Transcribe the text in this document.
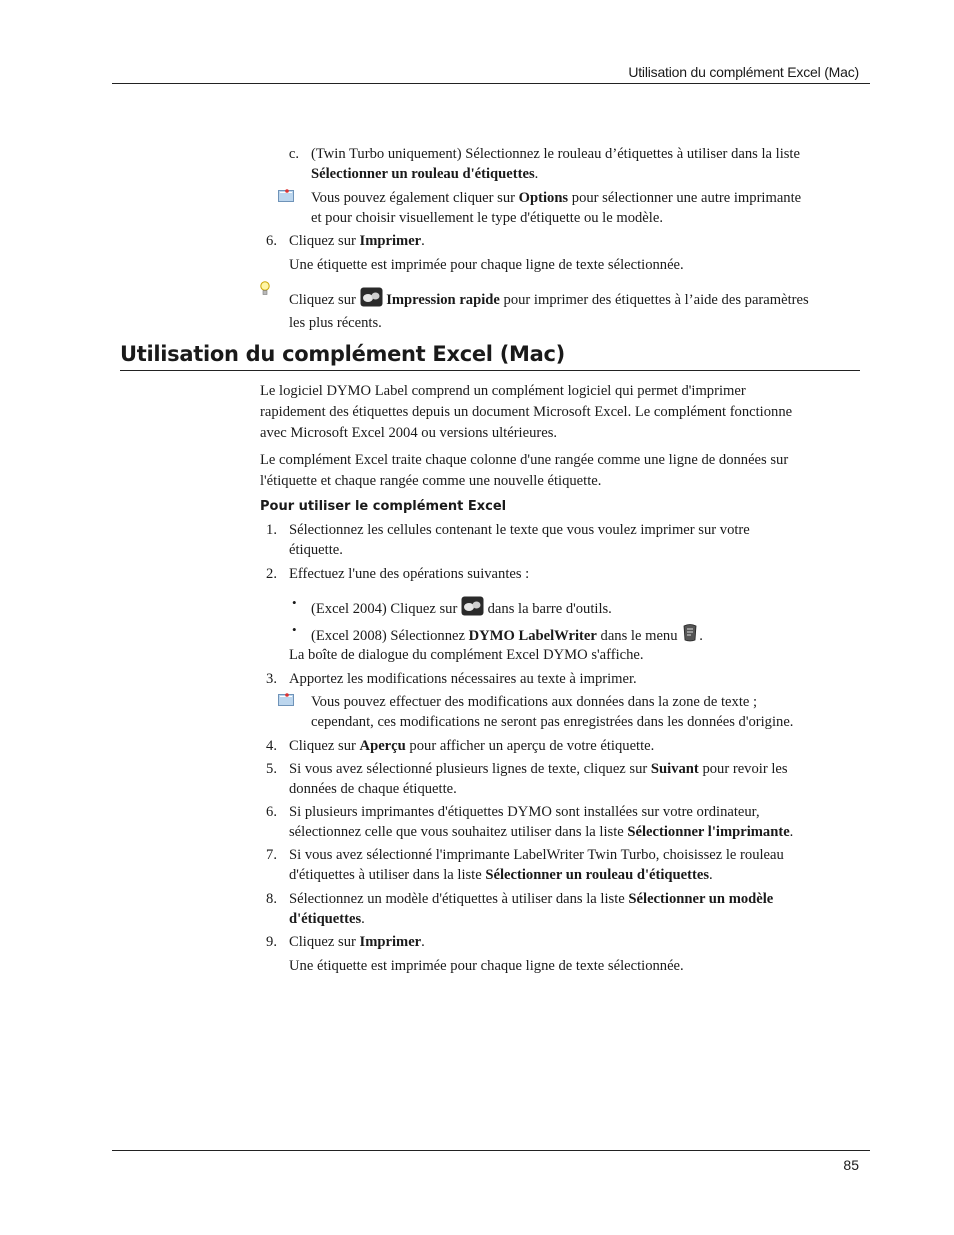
Utilisation du complément Excel (Mac)
c. (Twin Turbo uniquement) Sélectionnez le rouleau d’étiquettes à utiliser dans la liste
Sélectionner un rouleau d'étiquettes.
Vous pouvez également cliquer sur Options pour sélectionner une autre imprimante
et pour choisir visuellement le type d'étiquette ou le modèle.
6. Cliquez sur Imprimer.
Une étiquette est imprimée pour chaque ligne de texte sélectionnée.
Cliquez sur Impression rapide pour imprimer des étiquettes à l’aide des paramètres
les plus récents.
Utilisation du complément Excel (Mac)
Le logiciel DYMO Label comprend un complément logiciel qui permet d'imprimer
rapidement des étiquettes depuis un document Microsoft Excel. Le complément fonctionne
avec Microsoft Excel 2004 ou versions ultérieures.
Le complément Excel traite chaque colonne d'une rangée comme une ligne de données sur
l'étiquette et chaque rangée comme une nouvelle étiquette.
Pour utiliser le complément Excel
1. Sélectionnez les cellules contenant le texte que vous voulez imprimer sur votre
étiquette.
2. Effectuez l'une des opérations suivantes :
• (Excel 2004) Cliquez sur dans la barre d'outils.
• (Excel 2008) Sélectionnez DYMO LabelWriter dans le menu .
La boîte de dialogue du complément Excel DYMO s'affiche.
3. Apportez les modifications nécessaires au texte à imprimer.
Vous pouvez effectuer des modifications aux données dans la zone de texte ;
cependant, ces modifications ne seront pas enregistrées dans les données d'origine.
4. Cliquez sur Aperçu pour afficher un aperçu de votre étiquette.
5. Si vous avez sélectionné plusieurs lignes de texte, cliquez sur Suivant pour revoir les
données de chaque étiquette.
6. Si plusieurs imprimantes d'étiquettes DYMO sont installées sur votre ordinateur,
sélectionnez celle que vous souhaitez utiliser dans la liste Sélectionner l'imprimante.
7. Si vous avez sélectionné l'imprimante LabelWriter Twin Turbo, choisissez le rouleau
d'étiquettes à utiliser dans la liste Sélectionner un rouleau d'étiquettes.
8. Sélectionnez un modèle d'étiquettes à utiliser dans la liste Sélectionner un modèle
d'étiquettes.
9. Cliquez sur Imprimer.
Une étiquette est imprimée pour chaque ligne de texte sélectionnée.
85
